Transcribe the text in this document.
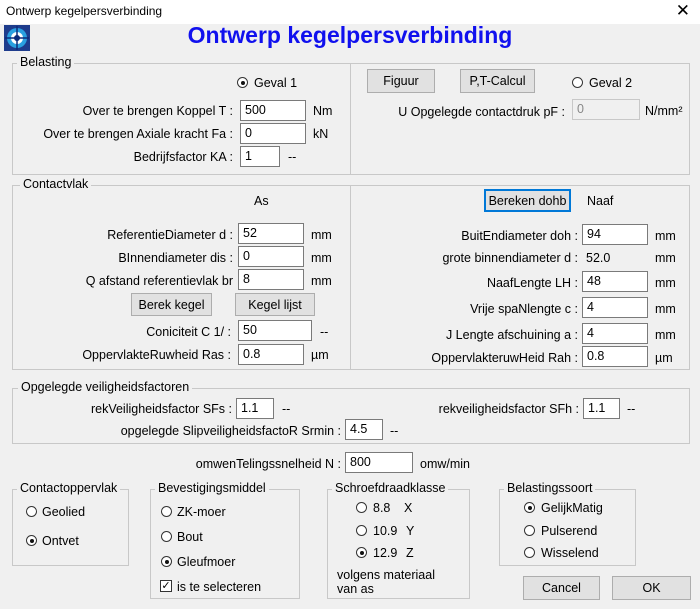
Ontwerp kegelpersverbinding	✕
Ontwerp kegelpersverbinding
Belasting
Geval 1
Over te brengen Koppel T : 500	Nm
Over te brengen Axiale kracht Fa : 0	kN
Bedrijfsfactor KA : 1	--
Figuur	P,T-Calcul	Geval 2
U Opgelegde contactdruk pF : 0	N/mm²
Contactvlak
As
ReferentieDiameter d : 52	mm
BInnendiameter dis : 0	mm
Q afstand referentievlak br 8	mm
Berek kegel	Kegel lijst
Coniciteit C 1/ : 50	--
OppervlakteRuwheid Ras : 0.8	µm
Bereken dohb	Naaf
BuitEndiameter doh : 94	mm
grote binnendiameter d : 52.0	mm
NaafLengte LH : 48	mm
Vrije spaNlengte c : 4	mm
J Lengte afschuining a : 4	mm
OppervlakteruwHeid Rah : 0.8	µm
Opgelegde veiligheidsfactoren
rekVeiligheidsfactor SFs : 1.1	--	rekveiligheidsfactor SFh : 1.1	--
opgelegde SlipveiligheidsfactoR Srmin : 4.5	--
omwenTelingssnelheid N : 800	omw/min
Contactoppervlak
Geolied
Ontvet
Bevestigingsmiddel
ZK-moer
Bout
Gleufmoer
✓ is te selecteren
Schroefdraadklasse
8.8 X
10.9 Y
12.9 Z
volgens materiaal van as
Belastingssoort
GelijkMatig
Pulserend
Wisselend
Cancel	OK
